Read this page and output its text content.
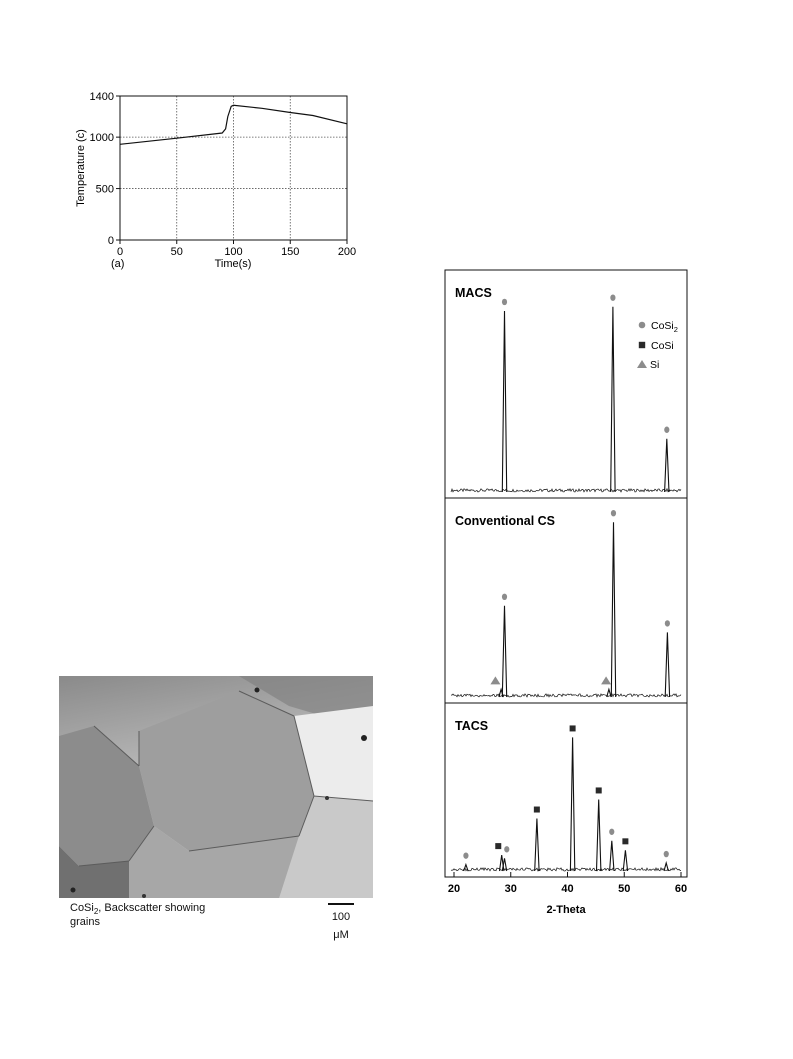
0	50	100	150	200
0
500
1000
1400
Time(s)
(a)
Temperature (c)
MACS
Conventional CS
TACS
20	30	40	50	60
CoSi$_2$
CoSi
Si
2-Theta
CoSi$_2$, Backscatter showing
grains	100 μM
